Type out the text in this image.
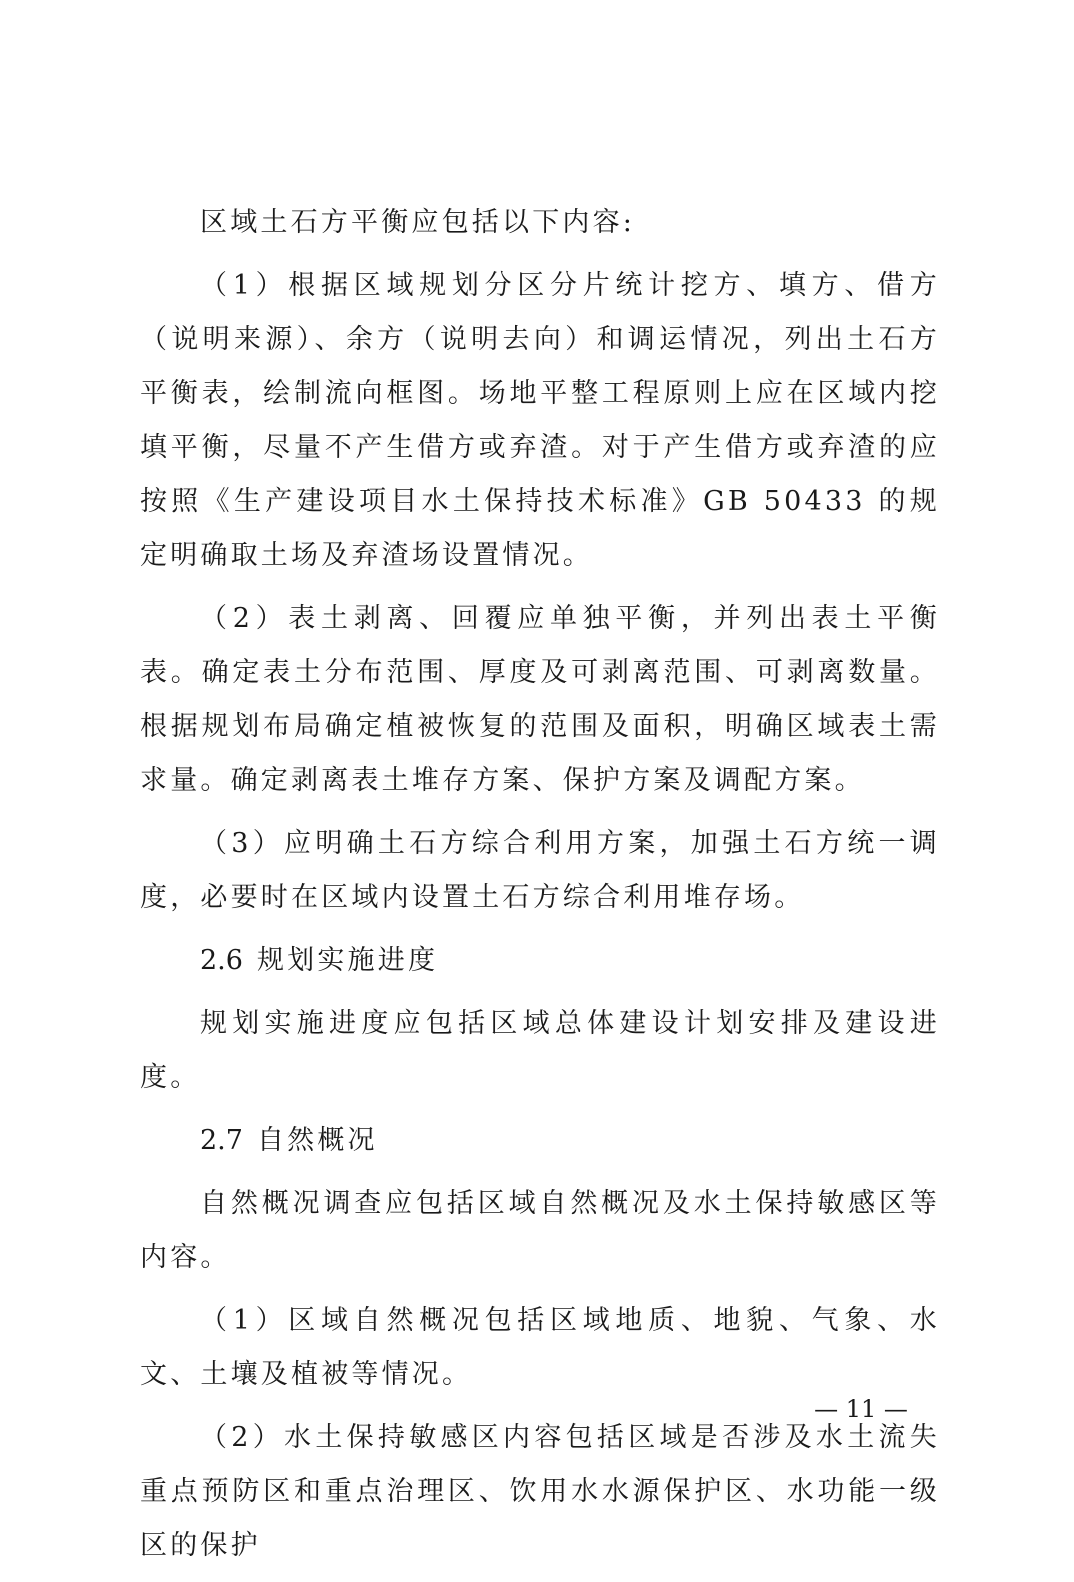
区域土石方平衡应包括以下内容:

（1）根据区域规划分区分片统计挖方、填方、借方（说明来源）、余方（说明去向）和调运情况，列出土石方平衡表，绘制流向框图。场地平整工程原则上应在区域内挖填平衡，尽量不产生借方或弃渣。对于产生借方或弃渣的应按照《生产建设项目水土保持技术标准》GB 50433 的规定明确取土场及弃渣场设置情况。

（2）表土剥离、回覆应单独平衡，并列出表土平衡表。确定表土分布范围、厚度及可剥离范围、可剥离数量。根据规划布局确定植被恢复的范围及面积，明确区域表土需求量。确定剥离表土堆存方案、保护方案及调配方案。

（3）应明确土石方综合利用方案，加强土石方统一调度，必要时在区域内设置土石方综合利用堆存场。

2.6 规划实施进度

规划实施进度应包括区域总体建设计划安排及建设进度。

2.7 自然概况

自然概况调查应包括区域自然概况及水土保持敏感区等内容。

（1）区域自然概况包括区域地质、地貌、气象、水文、土壤及植被等情况。

（2）水土保持敏感区内容包括区域是否涉及水土流失重点预防区和重点治理区、饮用水水源保护区、水功能一级区的保护

— 11 —
